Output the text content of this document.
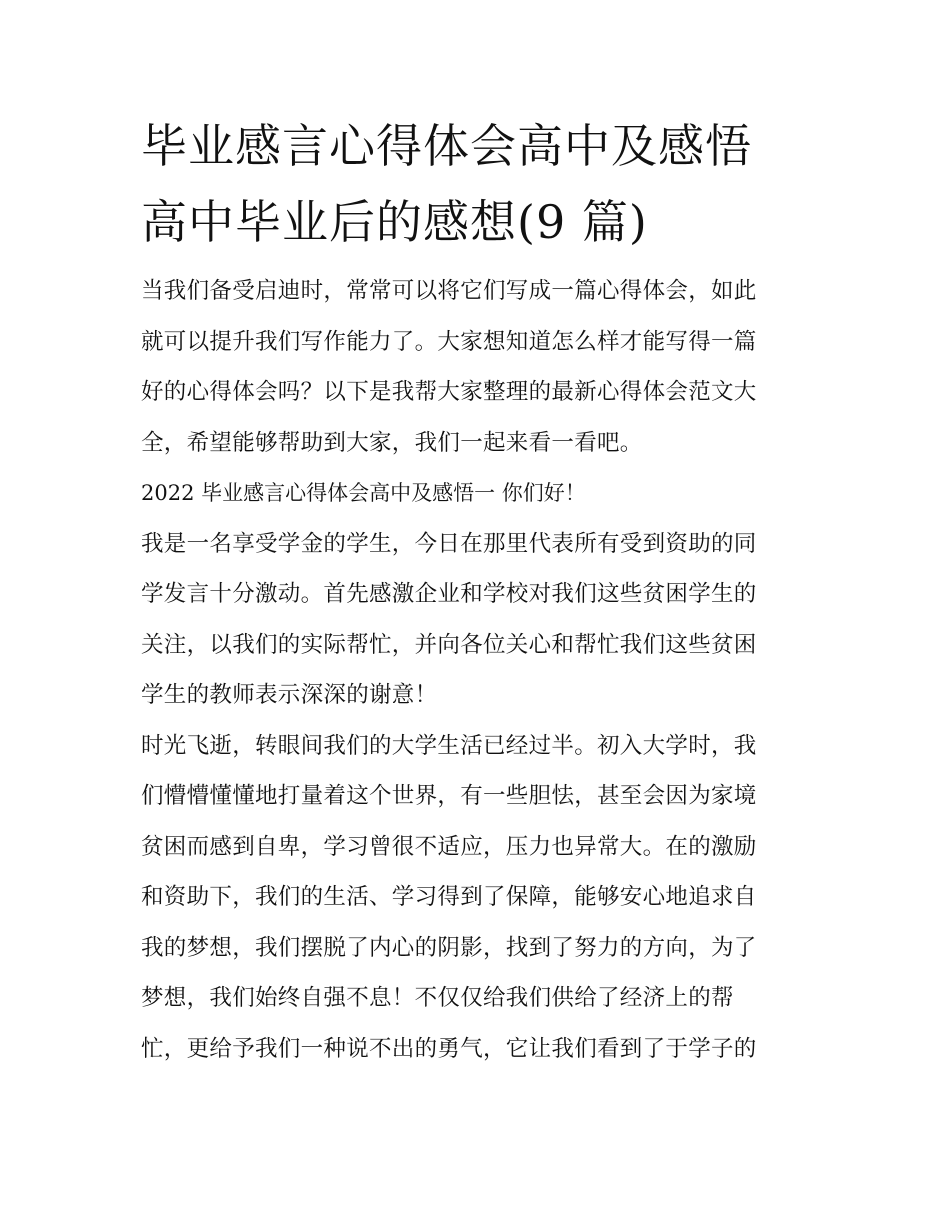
毕业感言心得体会高中及感悟
高中毕业后的感想(9 篇)

当我们备受启迪时，常常可以将它们写成一篇心得体会，如此
就可以提升我们写作能力了。大家想知道怎么样才能写得一篇
好的心得体会吗？以下是我帮大家整理的最新心得体会范文大
全，希望能够帮助到大家，我们一起来看一看吧。

2022 毕业感言心得体会高中及感悟一 你们好！

我是一名享受学金的学生，今日在那里代表所有受到资助的同
学发言十分激动。首先感激企业和学校对我们这些贫困学生的
关注，以我们的实际帮忙，并向各位关心和帮忙我们这些贫困
学生的教师表示深深的谢意！

时光飞逝，转眼间我们的大学生活已经过半。初入大学时，我
们懵懵懂懂地打量着这个世界，有一些胆怯，甚至会因为家境
贫困而感到自卑，学习曾很不适应，压力也异常大。在的激励
和资助下，我们的生活、学习得到了保障，能够安心地追求自
我的梦想，我们摆脱了内心的阴影，找到了努力的方向，为了
梦想，我们始终自强不息！不仅仅给我们供给了经济上的帮
忙，更给予我们一种说不出的勇气，它让我们看到了于学子的
